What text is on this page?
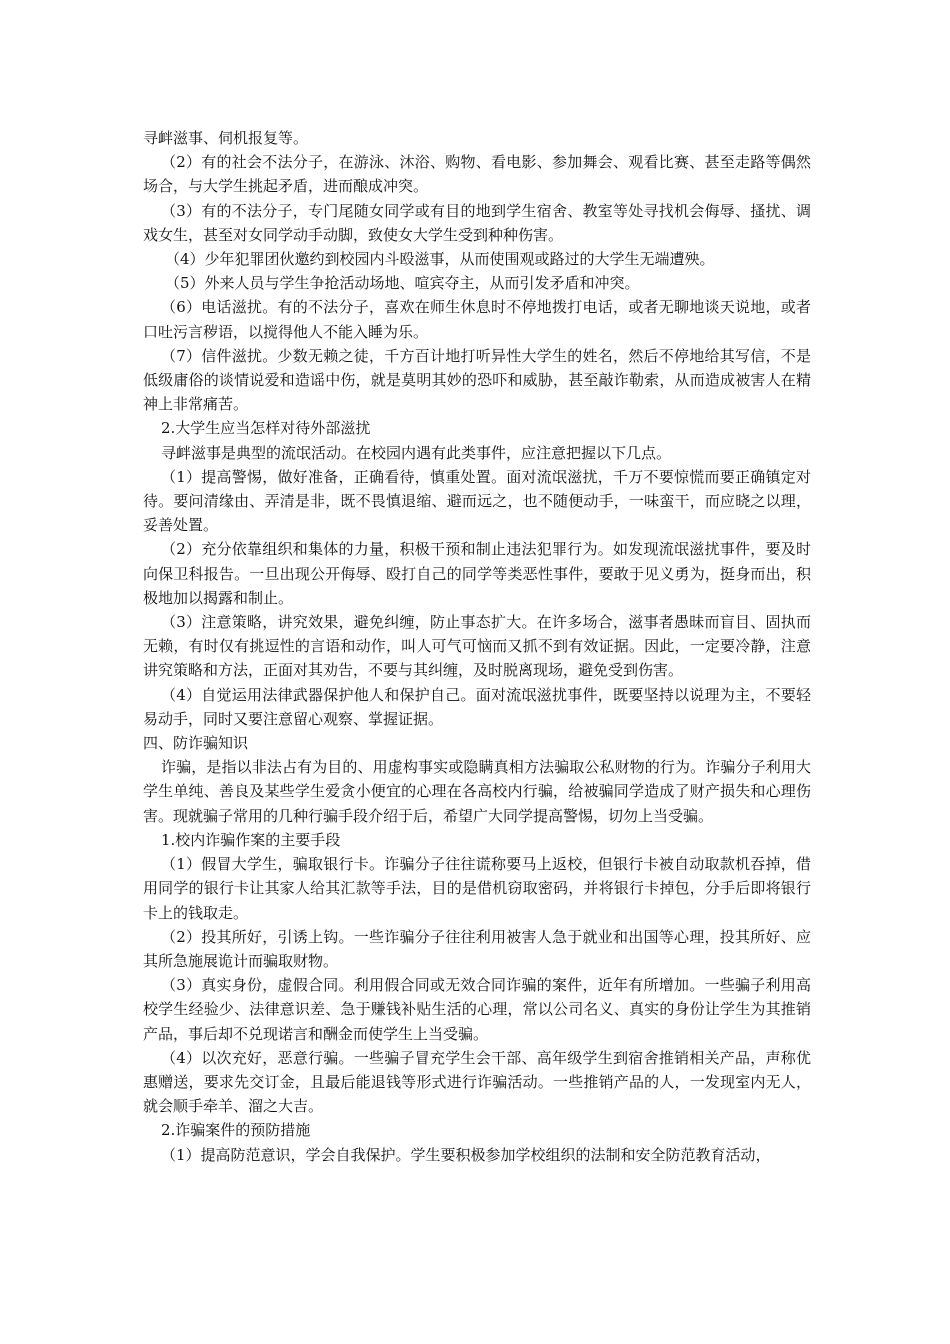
寻衅滋事、伺机报复等。

（2）有的社会不法分子，在游泳、沐浴、购物、看电影、参加舞会、观看比赛、甚至走路等偶然场合，与大学生挑起矛盾，进而酿成冲突。

（3）有的不法分子，专门尾随女同学或有目的地到学生宿舍、教室等处寻找机会侮辱、搔扰、调戏女生，甚至对女同学动手动脚，致使女大学生受到种种伤害。

（4）少年犯罪团伙邀约到校园内斗殴滋事，从而使围观或路过的大学生无端遭殃。

（5）外来人员与学生争抢活动场地、喧宾夺主，从而引发矛盾和冲突。

（6）电话滋扰。有的不法分子，喜欢在师生休息时不停地拨打电话，或者无聊地谈天说地，或者口吐污言秽语，以搅得他人不能入睡为乐。

（7）信件滋扰。少数无赖之徒，千方百计地打听异性大学生的姓名，然后不停地给其写信，不是低级庸俗的谈情说爱和造谣中伤，就是莫明其妙的恐吓和威胁，甚至敲诈勒索，从而造成被害人在精神上非常痛苦。

2.大学生应当怎样对待外部滋扰

寻衅滋事是典型的流氓活动。在校园内遇有此类事件，应注意把握以下几点。

（1）提高警惕，做好准备，正确看待，慎重处置。面对流氓滋扰，千万不要惊慌而要正确镇定对待。要问清缘由、弄清是非，既不畏慎退缩、避而远之，也不随便动手，一味蛮干，而应晓之以理，妥善处置。

（2）充分依靠组织和集体的力量，积极干预和制止违法犯罪行为。如发现流氓滋扰事件，要及时向保卫科报告。一旦出现公开侮辱、殴打自己的同学等类恶性事件，要敢于见义勇为，挺身而出，积极地加以揭露和制止。

（3）注意策略，讲究效果，避免纠缠，防止事态扩大。在许多场合，滋事者愚昧而盲目、固执而无赖，有时仅有挑逗性的言语和动作，叫人可气可恼而又抓不到有效证据。因此，一定要冷静，注意讲究策略和方法，正面对其劝告，不要与其纠缠，及时脱离现场，避免受到伤害。

（4）自觉运用法律武器保护他人和保护自己。面对流氓滋扰事件，既要坚持以说理为主，不要轻易动手，同时又要注意留心观察、掌握证据。

四、防诈骗知识

诈骗，是指以非法占有为目的、用虚构事实或隐瞒真相方法骗取公私财物的行为。诈骗分子利用大学生单纯、善良及某些学生爱贪小便宜的心理在各高校内行骗，给被骗同学造成了财产损失和心理伤害。现就骗子常用的几种行骗手段介绍于后，希望广大同学提高警惕，切勿上当受骗。

1.校内诈骗作案的主要手段

（1）假冒大学生，骗取银行卡。诈骗分子往往谎称要马上返校，但银行卡被自动取款机吞掉，借用同学的银行卡让其家人给其汇款等手法，目的是借机窃取密码，并将银行卡掉包，分手后即将银行卡上的钱取走。

（2）投其所好，引诱上钩。一些诈骗分子往往利用被害人急于就业和出国等心理，投其所好、应其所急施展诡计而骗取财物。

（3）真实身份，虚假合同。利用假合同或无效合同诈骗的案件，近年有所增加。一些骗子利用高校学生经验少、法律意识差、急于赚钱补贴生活的心理，常以公司名义、真实的身份让学生为其推销产品，事后却不兑现诺言和酬金而使学生上当受骗。

（4）以次充好，恶意行骗。一些骗子冒充学生会干部、高年级学生到宿舍推销相关产品，声称优惠赠送，要求先交订金，且最后能退钱等形式进行诈骗活动。一些推销产品的人，一发现室内无人，就会顺手牵羊、溜之大吉。

2.诈骗案件的预防措施

（1）提高防范意识，学会自我保护。学生要积极参加学校组织的法制和安全防范教育活动，
